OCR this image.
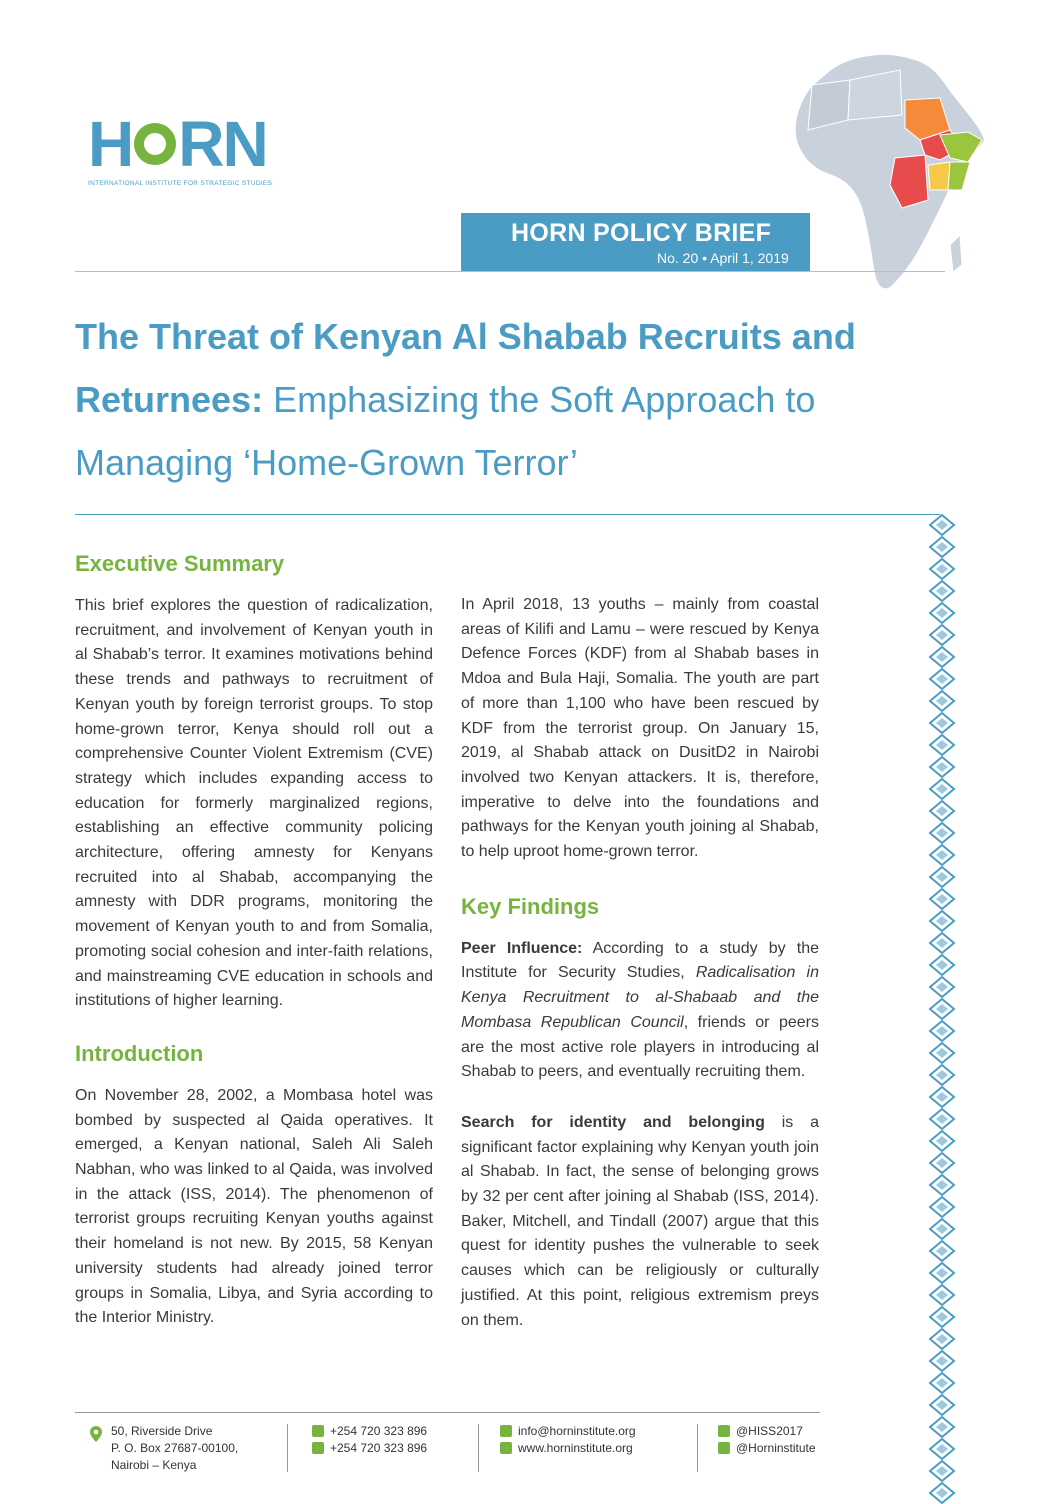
H RN
INTERNATIONAL INSTITUTE FOR STRATEGIC STUDIES
HORN POLICY BRIEF
No. 20 • April 1, 2019
The Threat of Kenyan Al Shabab Recruits and Returnees: Emphasizing the Soft Approach to Managing ‘Home-Grown Terror’
Executive Summary

This brief explores the question of radicalization, recruitment, and involvement of Kenyan youth in al Shabab’s terror. It examines motivations behind these trends and pathways to recruitment of Kenyan youth by foreign terrorist groups. To stop home-grown terror, Kenya should roll out a comprehensive Counter Violent Extremism (CVE) strategy which includes expanding access to education for formerly marginalized regions, establishing an effective community policing architecture, offering amnesty for Kenyans recruited into al Shabab, accompanying the amnesty with DDR programs, monitoring the movement of Kenyan youth to and from Somalia, promoting social cohesion and inter-faith relations, and mainstreaming CVE education in schools and institutions of higher learning.

Introduction

On November 28, 2002, a Mombasa hotel was bombed by suspected al Qaida operatives. It emerged, a Kenyan national, Saleh Ali Saleh Nabhan, who was linked to al Qaida, was involved in the attack (ISS, 2014). The phenomenon of terrorist groups recruiting Kenyan youths against their homeland is not new. By 2015, 58 Kenyan university students had already joined terror groups in Somalia, Libya, and Syria according to the Interior Ministry.

In April 2018, 13 youths – mainly from coastal areas of Kilifi and Lamu – were rescued by Kenya Defence Forces (KDF) from al Shabab bases in Mdoa and Bula Haji, Somalia. The youth are part of more than 1,100 who have been rescued by KDF from the terrorist group. On January 15, 2019, al Shabab attack on DusitD2 in Nairobi involved two Kenyan attackers. It is, therefore, imperative to delve into the foundations and pathways for the Kenyan youth joining al Shabab, to help uproot home-grown terror.

Key Findings

Peer Influence: According to a study by the Institute for Security Studies, Radicalisation in Kenya Recruitment to al-Shabaab and the Mombasa Republican Council, friends or peers are the most active role players in introducing al Shabab to peers, and eventually recruiting them.

Search for identity and belonging is a significant factor explaining why Kenyan youth join al Shabab. In fact, the sense of belonging grows by 32 per cent after joining al Shabab (ISS, 2014). Baker, Mitchell, and Tindall (2007) argue that this quest for identity pushes the vulnerable to seek causes which can be religiously or culturally justified. At this point, religious extremism preys on them.

50, Riverside Drive
P. O. Box 27687-00100,
Nairobi – Kenya
+254 720 323 896
+254 720 323 896
info@horninstitute.org
www.horninstitute.org
@HISS2017
@Horninstitute
